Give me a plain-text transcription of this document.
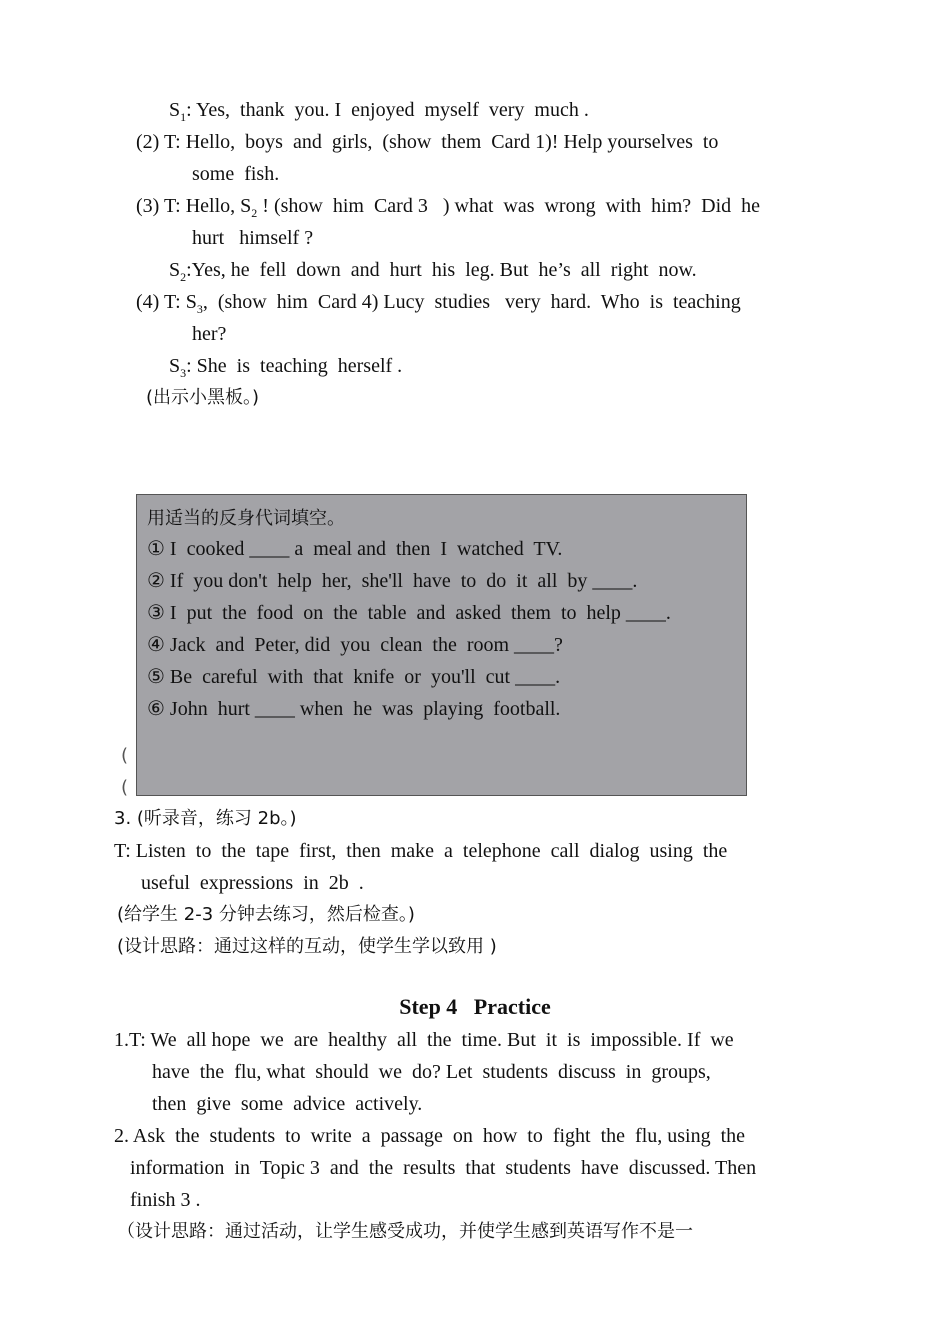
$S_1$: Yes,  thank  you. I  enjoyed  myself  very  much .
(2) T: Hello,  boys  and  girls,  (show  them  Card 1)! Help yourselves  to
some  fish.
(3) T: Hello, $S_2$ ! (show  him  Card 3   ) what  was  wrong  with  him?  Did  he
hurt   himself ?
$S_2:Yes$, he  fell  down  and  hurt  his  leg. But  he’s  all  right  now.
(4) T: $S_3$,  (show  him  Card 4) Lucy  studies   very  hard.  Who  is  teaching
her?
$S_3$: She  is  teaching  herself .
(出示小黑板。)
(
(
用适当的反身代词填空。
① I  cooked ____ a  meal and  then  I  watched  TV.
② If  you don't  help  her,  she'll  have  to  do  it  all  by ____.
③ I  put  the  food  on  the  table  and  asked  them  to  help ____.
④ Jack  and  Peter, did  you  clean  the  room ____?
⑤ Be  careful  with  that  knife  or  you'll  cut ____.
⑥ John  hurt ____ when  he  was  playing  football.
3. (听录音，练习 2b。)
T: Listen  to  the  tape  first,  then  make  a  telephone  call  dialog  using  the
useful  expressions  in  2b  .
(给学生 2-3 分钟去练习，然后检查。)
(设计思路：通过这样的互动，使学生学以致用 )
Step 4   Practice
1.T: We  all hope  we  are  healthy  all  the  time. But  it  is  impossible. If  we
have  the  flu, what  should  we  do? Let  students  discuss  in  groups,
then  give  some  advice  actively.
2. Ask  the  students  to  write  a  passage  on  how  to  fight  the  flu, using  the
information  in  Topic 3  and  the  results  that  students  have  discussed. Then
finish 3 .
（设计思路：通过活动，让学生感受成功，并使学生感到英语写作不是一
